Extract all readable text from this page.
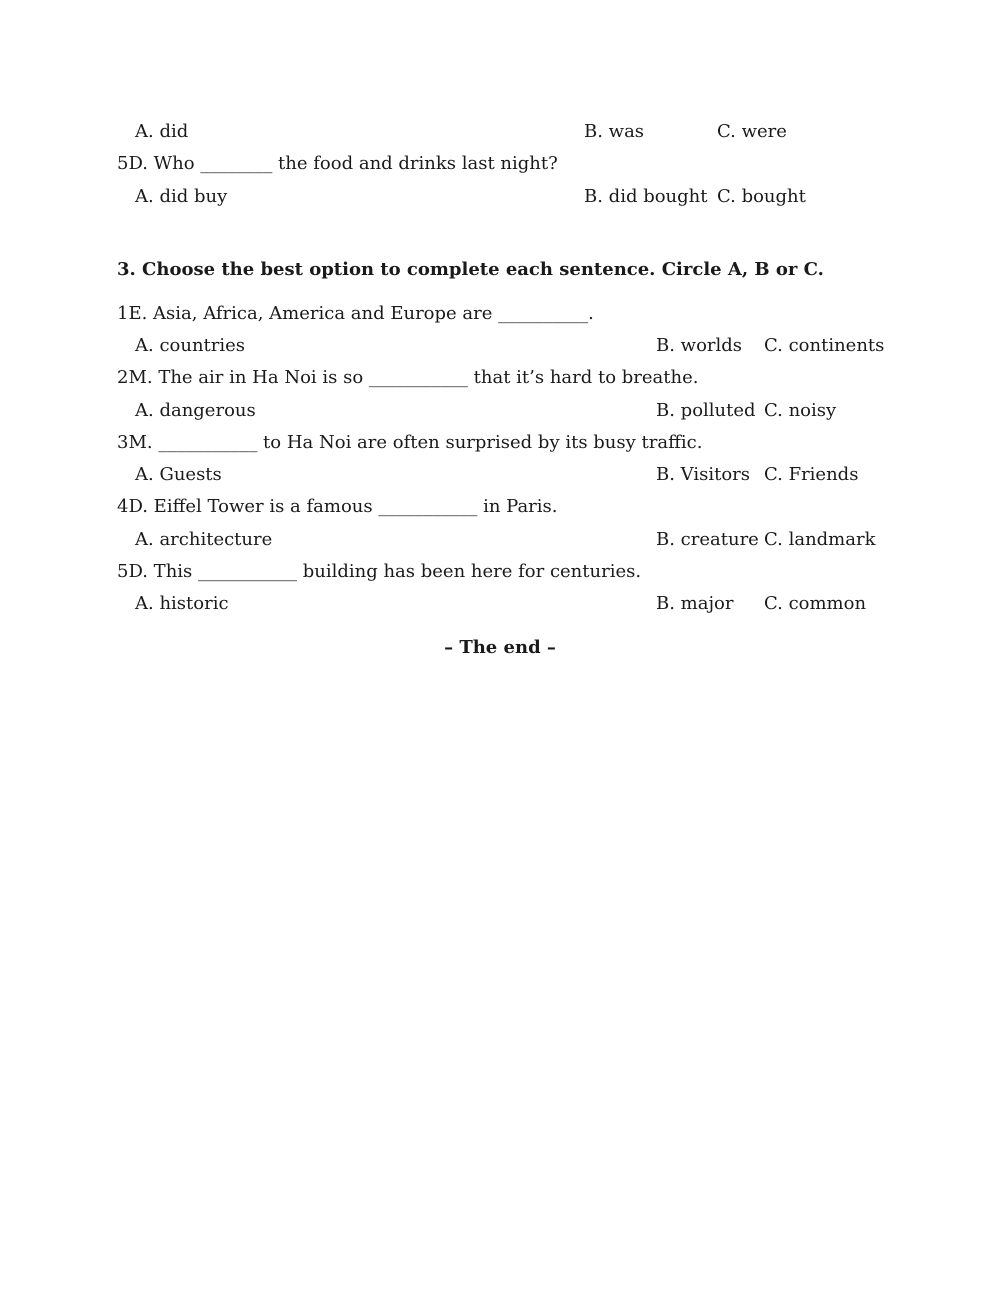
A. did	B. was	C. were
5D. Who ________ the food and drinks last night?
A. did buy	B. did bought C. bought
3. Choose the best option to complete each sentence. Circle A, B or C.
1E. Asia, Africa, America and Europe are __________.
A. countries	B. worlds C. continents
2M. The air in Ha Noi is so ___________ that it’s hard to breathe.
A. dangerous	B. polluted C. noisy
3M. ___________ to Ha Noi are often surprised by its busy traffic.
A. Guests	B. Visitors C. Friends
4D. Eiffel Tower is a famous ___________ in Paris.
A. architecture	B. creature C. landmark
5D. This ___________ building has been here for centuries.
A. historic	B. major C. common
– The end –
